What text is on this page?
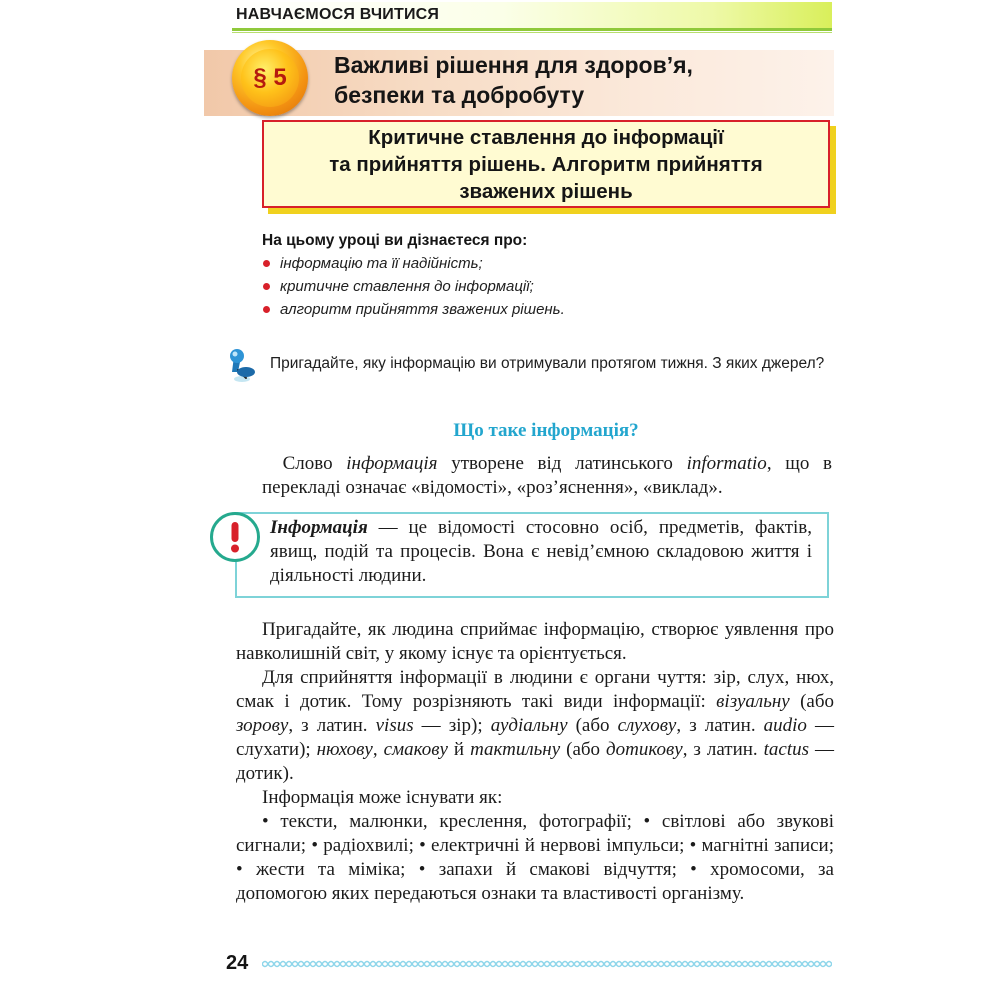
НАВЧАЄМОСЯ ВЧИТИСЯ
§ 5	Важливі рішення для здоров’я,
безпеки та добробуту
Критичне ставлення до інформації
та прийняття рішень. Алгоритм прийняття
зважених рішень
На цьому уроці ви дізнаєтеся про:
інформацію та її надійність;
критичне ставлення до інформації;
алгоритм прийняття зважених рішень.
Пригадайте, яку інформацію ви отримували протягом тижня. З яких джерел?
Що таке інформація?
  Слово інформація утворене від латинського informatio, що в перекладі означає «відомості», «роз’яснення», «виклад».
Інформація — це відомості стосовно осіб, предметів, фактів, явищ, подій та процесів. Вона є невід’ємною складовою життя і діяльності людини.
Пригадайте, як людина сприймає інформацію, створює уявлення про навколишній світ, у якому існує та орієнтується.
Для сприйняття інформації в людини є органи чуття: зір, слух, нюх, смак і дотик. Тому розрізняють такі види інформації: візуальну (або зорову, з латин. visus — зір); аудіальну (або слухову, з латин. audio — слухати); нюхову, смакову й тактильну (або дотикову, з латин. tactus — дотик).
Інформація може існувати як:
• тексти, малюнки, креслення, фотографії; • світлові або звукові сигнали; • радіохвилі; • електричні й нервові імпульси; • магнітні записи; • жести та міміка; • запахи й смакові відчуття; • хромосоми, за допомогою яких передаються ознаки та властивості організму.
24
